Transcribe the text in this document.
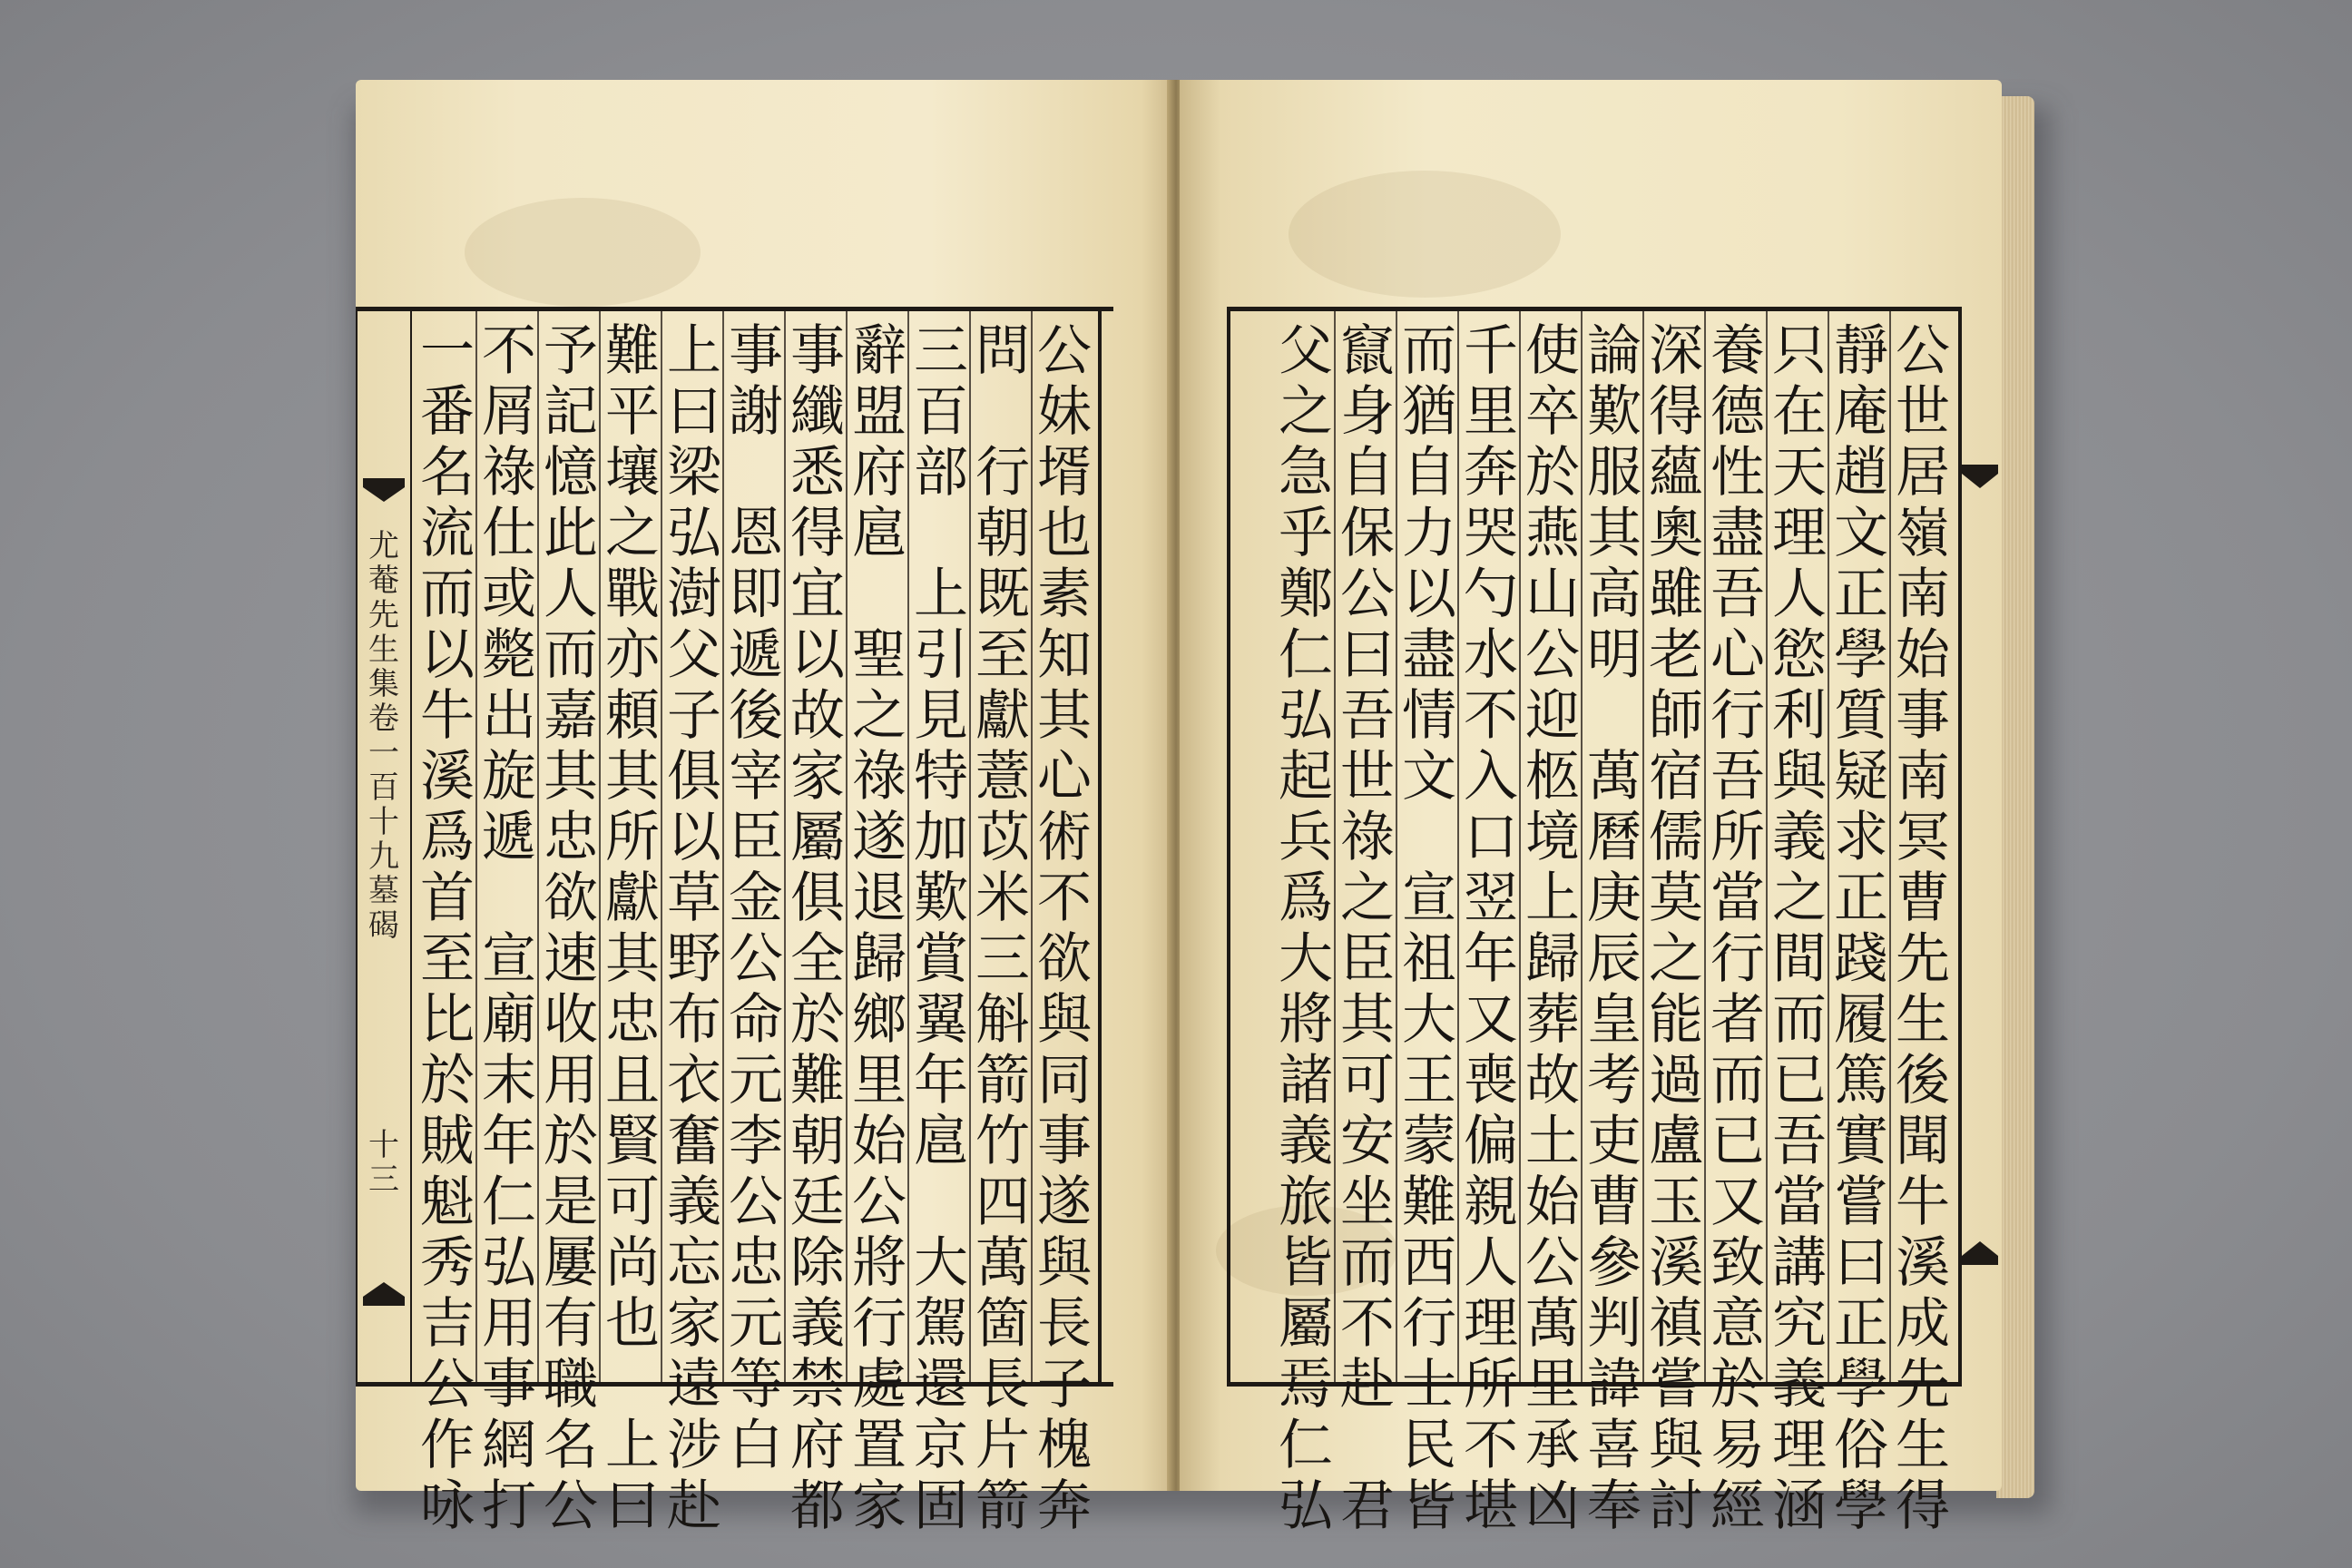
尤
菴
先
生
集
卷
一
百
十
九
墓
碣
十
三
公
妹
壻
也
素
知
其
心
術
不
欲
與
同
事
遂
與
長
子
槐
奔
問

行
朝
既
至
獻
薏
苡
米
三
斛
箭
竹
四
萬
箇
長
片
箭
三
百
部

上
引
見
特
加
歎
賞
翼
年
扈

大
駕
還
京
固
辭
盟
府
扈

聖
之
祿
遂
退
歸
鄉
里
始
公
將
行
處
置
家
事
纖
悉
得
宜
以
故
家
屬
俱
全
於
難
朝
廷
除
義
禁
府
都
事
謝

恩
即
遞
後
宰
臣
金
公
命
元
李
公
忠
元
等
白
上
曰
梁
弘
澍
父
子
俱
以
草
野
布
衣
奮
義
忘
家
遠
涉
赴
難
平
壤
之
戰
亦
頼
其
所
獻
其
忠
且
賢
可
尚
也

上
曰
予
記
憶
此
人
而
嘉
其
忠
欲
速
收
用
於
是
屢
有
職
名
公
不
屑
祿
仕
或
斃
出
旋
遞

宣
廟
末
年
仁
弘
用
事
網
打
一
番
名
流
而
以
牛
溪
爲
首
至
比
於
賊
魁
秀
吉
公
作
咏
公
世
居
嶺
南
始
事
南
冥
曹
先
生
後
聞
牛
溪
成
先
生
得
靜
庵
趙
文
正
學
質
疑
求
正
踐
履
篤
實
嘗
曰
正
學
俗
學
只
在
天
理
人
慾
利
與
義
之
間
而
已
吾
當
講
究
義
理
涵
養
德
性
盡
吾
心
行
吾
所
當
行
者
而
已
又
致
意
於
易
經
深
得
蘊
奧
雖
老
師
宿
儒
莫
之
能
過
盧
玉
溪
禛
嘗
與
討
論
歎
服
其
高
明

萬
曆
庚
辰
皇
考
吏
曹
參
判
諱
喜
奉
使
卒
於
燕
山
公
迎
柩
境
上
歸
葬
故
土
始
公
萬
里
承
凶
千
里
奔
哭
勺
水
不
入
口
翌
年
又
喪
偏
親
人
理
所
不
堪
而
猶
自
力
以
盡
情
文

宣
祖
大
王
蒙
難
西
行
士
民
皆
竄
身
自
保
公
曰
吾
世
祿
之
臣
其
可
安
坐
而
不
赴

君
父
之
急
乎
鄭
仁
弘
起
兵
爲
大
將
諸
義
旅
皆
屬
焉
仁
弘
